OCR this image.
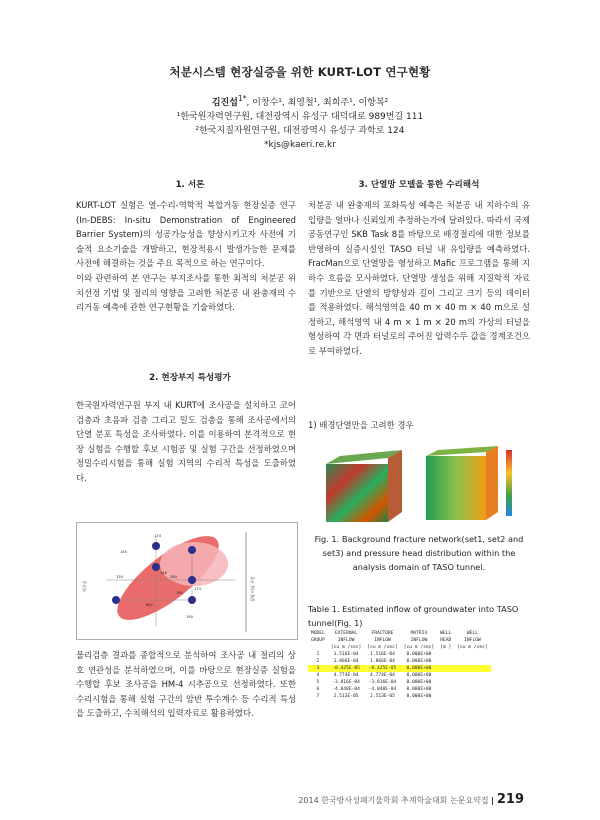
처분시스템 현장실증을 위한 KURT-LOT 연구현황
김진섭$^{1*}$, 이창수¹, 최영철¹, 최희주¹, 이항복²
¹한국원자력연구원, 대전광역시 유성구 대덕대로 989번길 111
²한국지질자원연구원, 대전광역시 유성구 과학로 124
*kjs@kaeri.re.kr
1. 서론

KURT-LOT 실험은 열-수리-역학적 복합거동 현장실증 연구(In-DEBS: In-situ Demonstration of Engineered Barrier System)의 성공가능성을 향상시키고자 사전에 기술적 요소기술을 개발하고, 현장적용시 발생가능한 문제를 사전에 해결하는 것을 주요 목적으로 하는 연구이다.

이와 관련하여 본 연구는 부지조사를 통한 최적의 처분공 위치선정 기법 및 절리의 영향을 고려한 처분공 내 완충재의 수리거동 예측에 관한 연구현황을 기술하였다.

2. 현장부지 특성평가

한국원자력연구원 부지 내 KURT에 조사공을 설치하고 코어 검층과 초음파 검층 그리고 밀도 검층을 통해 조사공에서의 단열 분포 특성을 조사하였다. 이를 이용하여 본격적으로 현장 실험을 수행할 후보 시험공 및 실험 구간을 선정하였으며 정밀수리시험을 통해 실험 지역의 수리적 특성을 도출하였다.

174
145
146
130	280
160
174
602
190
연구공	실험 터널 구간

물리검층 결과를 종합적으로 분석하여 조사공 내 절리의 상호 연관성을 분석하였으며, 이를 바탕으로 현장실증 실험을 수행할 후보 조사공을 HM-4 시추공으로 선정하였다. 또한 수리시험을 통해 실험 구간의 암반 투수계수 등 수리적 특성을 도출하고, 수치해석의 입력자료로 활용하였다.

3. 단열망 모델을 통한 수리해석

처분공 내 완충재의 포화특성 예측은 처분공 내 지하수의 유입량을 얼마나 신뢰있게 추정하는가에 달려있다. 따라서 국제공동연구인 SKB Task 8를 바탕으로 배경절리에 대한 정보를 반영하여 실증시설인 TASO 터널 내 유입량을 예측하였다. FracMan으로 단열망을 형성하고 Mafic 프로그램을 통해 지하수 흐름을 모사하였다. 단열망 생성을 위해 지질학적 자료를 기반으로 단열의 방향성과 길이 그리고 크기 등의 데이터를 적용하였다. 해석영역을 40 m × 40 m × 40 m으로 설정하고, 해석영역 내 4 m × 1 m × 20 m의 가상의 터널을 형성하여 각 면과 터널로의 주어진 압력수두 값을 경계조건으로 부여하였다.

1) 배경단열만을 고려한 경우
Fig. 1. Background fracture network(set1, set2 and set3) and pressure head distribution within the analysis domain of TASO tunnel.
Table 1. Estimated inflow of groundwater into TASO tunnel(Fig. 1)
MODEL	EXTERNAL	FRACTURE	MATRIX	WELL	WELL
GROUP	INFLOW	INFLOW	INFLOW	HEAD	INFLOW
	[cu m /sec]	[cu m /sec]	[cu m /sec]	[m ]	[cu m /sec]
1	1.516E-04	1.516E-04	0.000E+00		
2	1.866E-04	1.866E-04	0.000E+00		
3	-8.425E-05	-8.425E-05	0.000E+00		
4	4.774E-04	4.774E-04	0.000E+00		
5	-3.816E-04	-3.816E-04	0.000E+00		
6	-4.848E-04	-4.848E-04	0.000E+00		
7	2.513E-05	2.513E-05	0.000E+00		
2014 한국방사성폐기물학회 추계학술대회 논문요약집 | 219
